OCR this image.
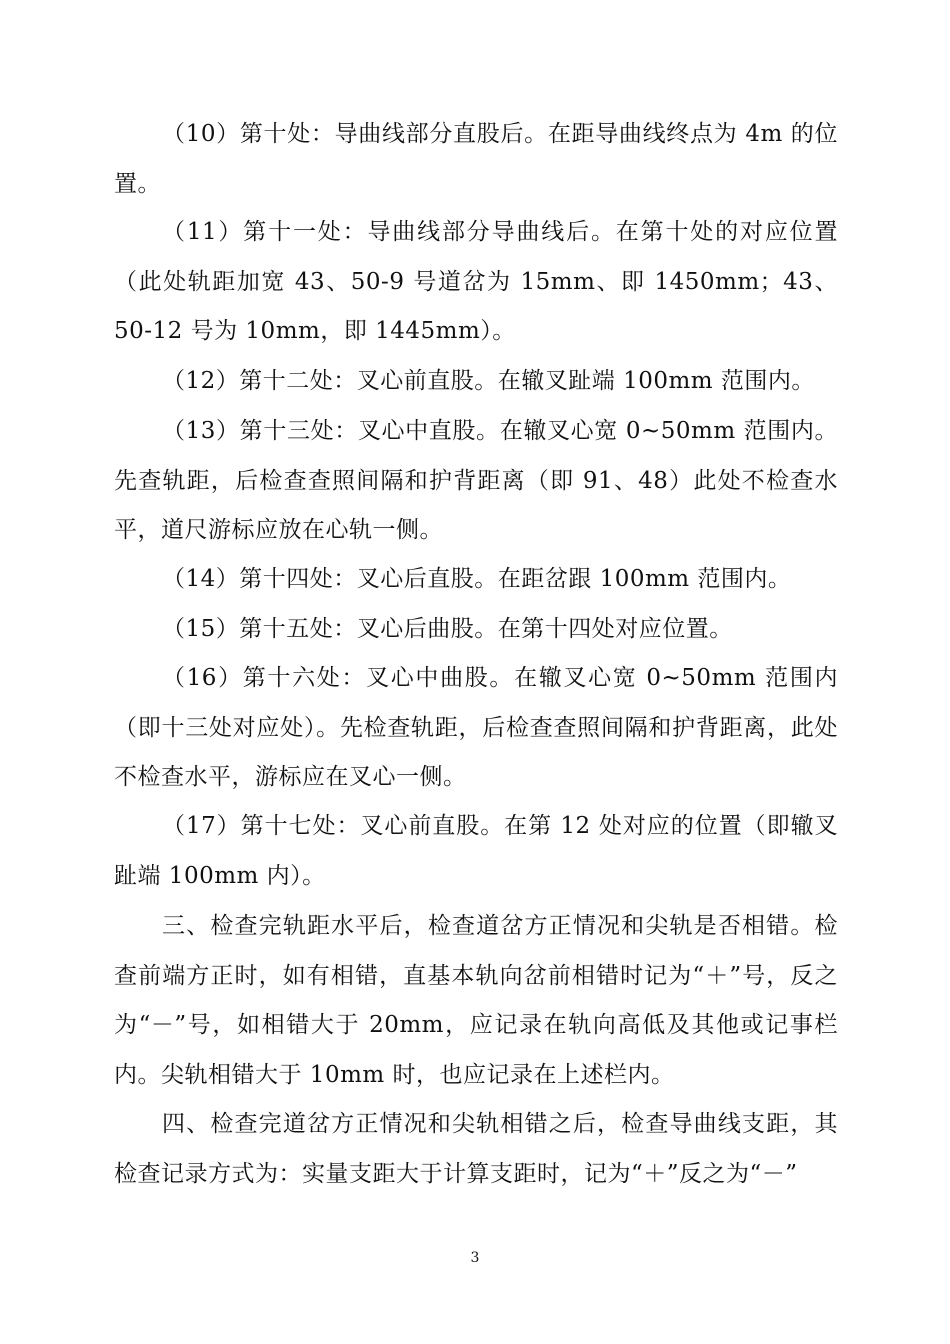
（10）第十处：导曲线部分直股后。在距导曲线终点为 4m 的位置。

（11）第十一处：导曲线部分导曲线后。在第十处的对应位置（此处轨距加宽 43、50-9 号道岔为 15mm、即 1450mm；43、50-12 号为 10mm，即 1445mm）。

（12）第十二处：叉心前直股。在辙叉趾端 100mm 范围内。

（13）第十三处：叉心中直股。在辙叉心宽 0~50mm 范围内。先查轨距，后检查查照间隔和护背距离（即 91、48）此处不检查水平，道尺游标应放在心轨一侧。

（14）第十四处：叉心后直股。在距岔跟 100mm 范围内。

（15）第十五处：叉心后曲股。在第十四处对应位置。

（16）第十六处：叉心中曲股。在辙叉心宽 0~50mm 范围内（即十三处对应处）。先检查轨距，后检查查照间隔和护背距离，此处不检查水平，游标应在叉心一侧。

（17）第十七处：叉心前直股。在第 12 处对应的位置（即辙叉趾端 100mm 内）。

三、检查完轨距水平后，检查道岔方正情况和尖轨是否相错。检查前端方正时，如有相错，直基本轨向岔前相错时记为“＋”号，反之为“－”号，如相错大于 20mm，应记录在轨向高低及其他或记事栏内。尖轨相错大于 10mm 时，也应记录在上述栏内。

四、检查完道岔方正情况和尖轨相错之后，检查导曲线支距，其检查记录方式为：实量支距大于计算支距时，记为“＋”反之为“－”

3
